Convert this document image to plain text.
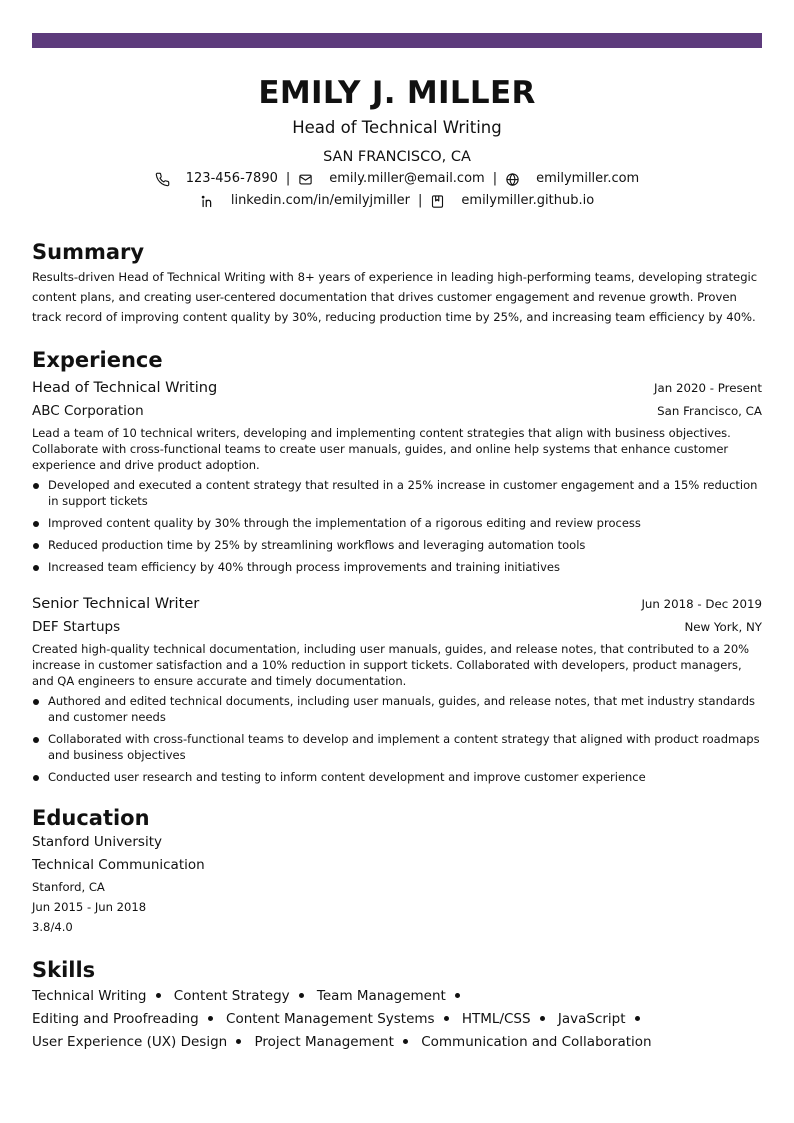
EMILY J. MILLER
Head of Technical Writing
SAN FRANCISCO, CA
123-456-7890 |	emily.miller@email.com |	emilymiller.com
linkedin.com/in/emilyjmiller |	emilymiller.github.io
Summary
Results-driven Head of Technical Writing with 8+ years of experience in leading high-performing teams, developing strategic content plans, and creating user-centered documentation that drives customer engagement and revenue growth. Proven track record of improving content quality by 30%, reducing production time by 25%, and increasing team efficiency by 40%.
Experience
Head of Technical Writing	Jan 2020 - Present
ABC Corporation	San Francisco, CA
Lead a team of 10 technical writers, developing and implementing content strategies that align with business objectives. Collaborate with cross-functional teams to create user manuals, guides, and online help systems that enhance customer experience and drive product adoption.
Developed and executed a content strategy that resulted in a 25% increase in customer engagement and a 15% reduction in support tickets
Improved content quality by 30% through the implementation of a rigorous editing and review process
Reduced production time by 25% by streamlining workflows and leveraging automation tools
Increased team efficiency by 40% through process improvements and training initiatives
Senior Technical Writer	Jun 2018 - Dec 2019
DEF Startups	New York, NY
Created high-quality technical documentation, including user manuals, guides, and release notes, that contributed to a 20% increase in customer satisfaction and a 10% reduction in support tickets. Collaborated with developers, product managers, and QA engineers to ensure accurate and timely documentation.
Authored and edited technical documents, including user manuals, guides, and release notes, that met industry standards and customer needs
Collaborated with cross-functional teams to develop and implement a content strategy that aligned with product roadmaps and business objectives
Conducted user research and testing to inform content development and improve customer experience
Education
Stanford University
Technical Communication
Stanford, CA
Jun 2015 - Jun 2018
3.8/4.0
Skills
Technical Writing Content Strategy Team Management Editing and Proofreading Content Management Systems HTML/CSS JavaScript User Experience (UX) Design Project Management Communication and Collaboration
